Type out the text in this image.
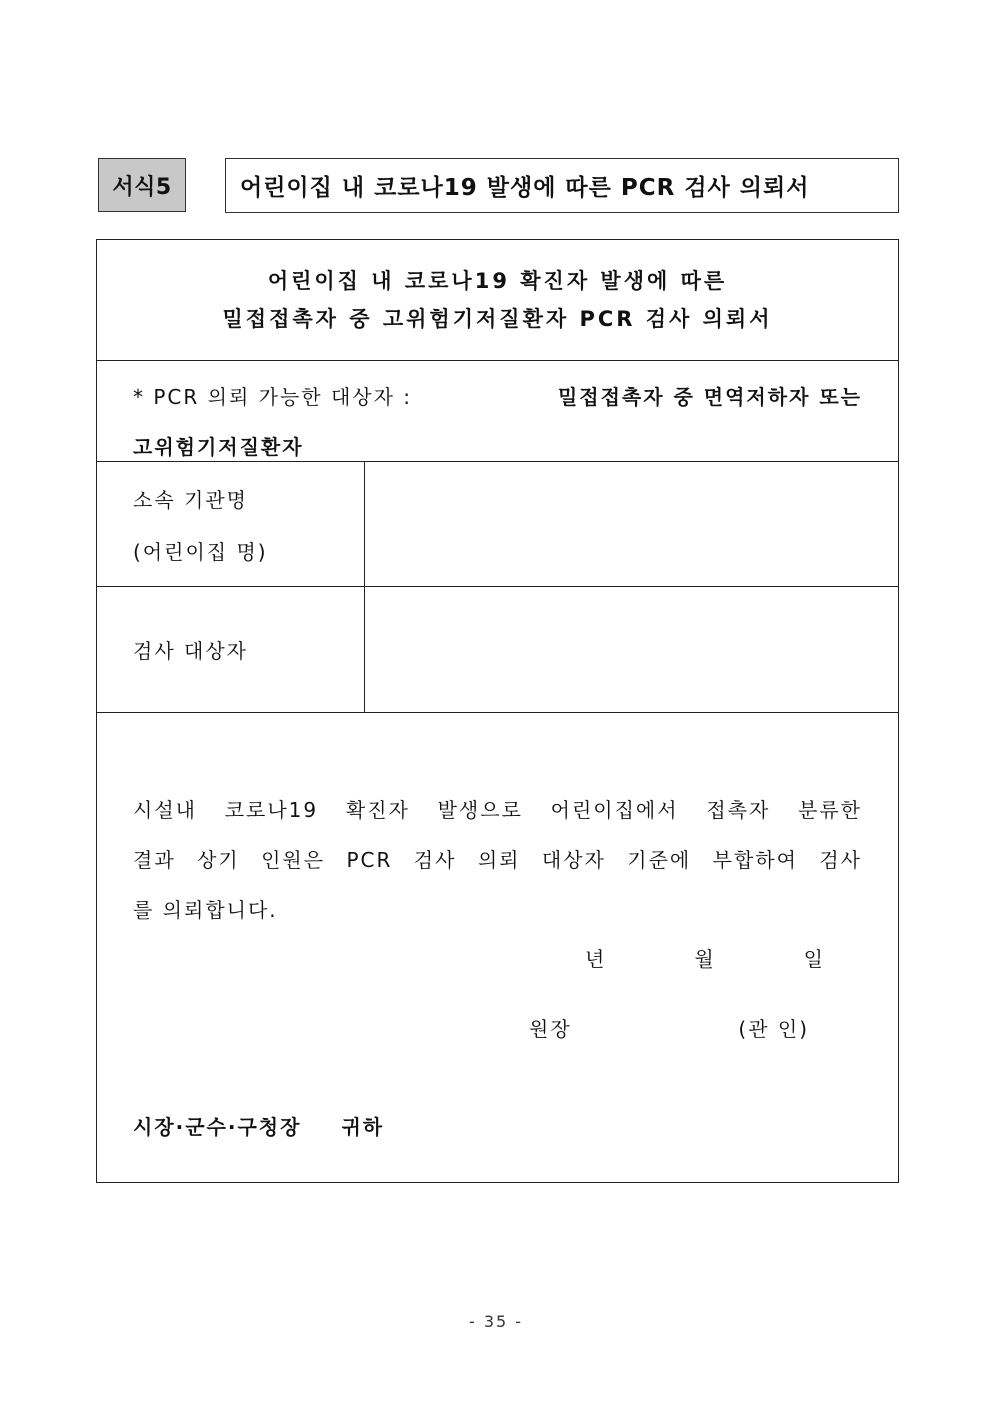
서식5	어린이집 내 코로나19 발생에 따른 PCR 검사 의뢰서
어린이집 내 코로나19 확진자 발생에 따른
밀접접촉자 중 고위험기저질환자 PCR 검사 의뢰서
* PCR 의뢰 가능한 대상자 :	밀접접촉자 중 면역저하자 또는
고위험기저질환자
소속 기관명
(어린이집 명)
검사 대상자
시설내 코로나19 확진자 발생으로 어린이집에서 접촉자 분류한
결과 상기 인원은 PCR 검사 의뢰 대상자 기준에 부합하여 검사
를 의뢰합니다.
년	월	일
원장	(관 인)
시장·군수·구청장 귀하
- 35 -
